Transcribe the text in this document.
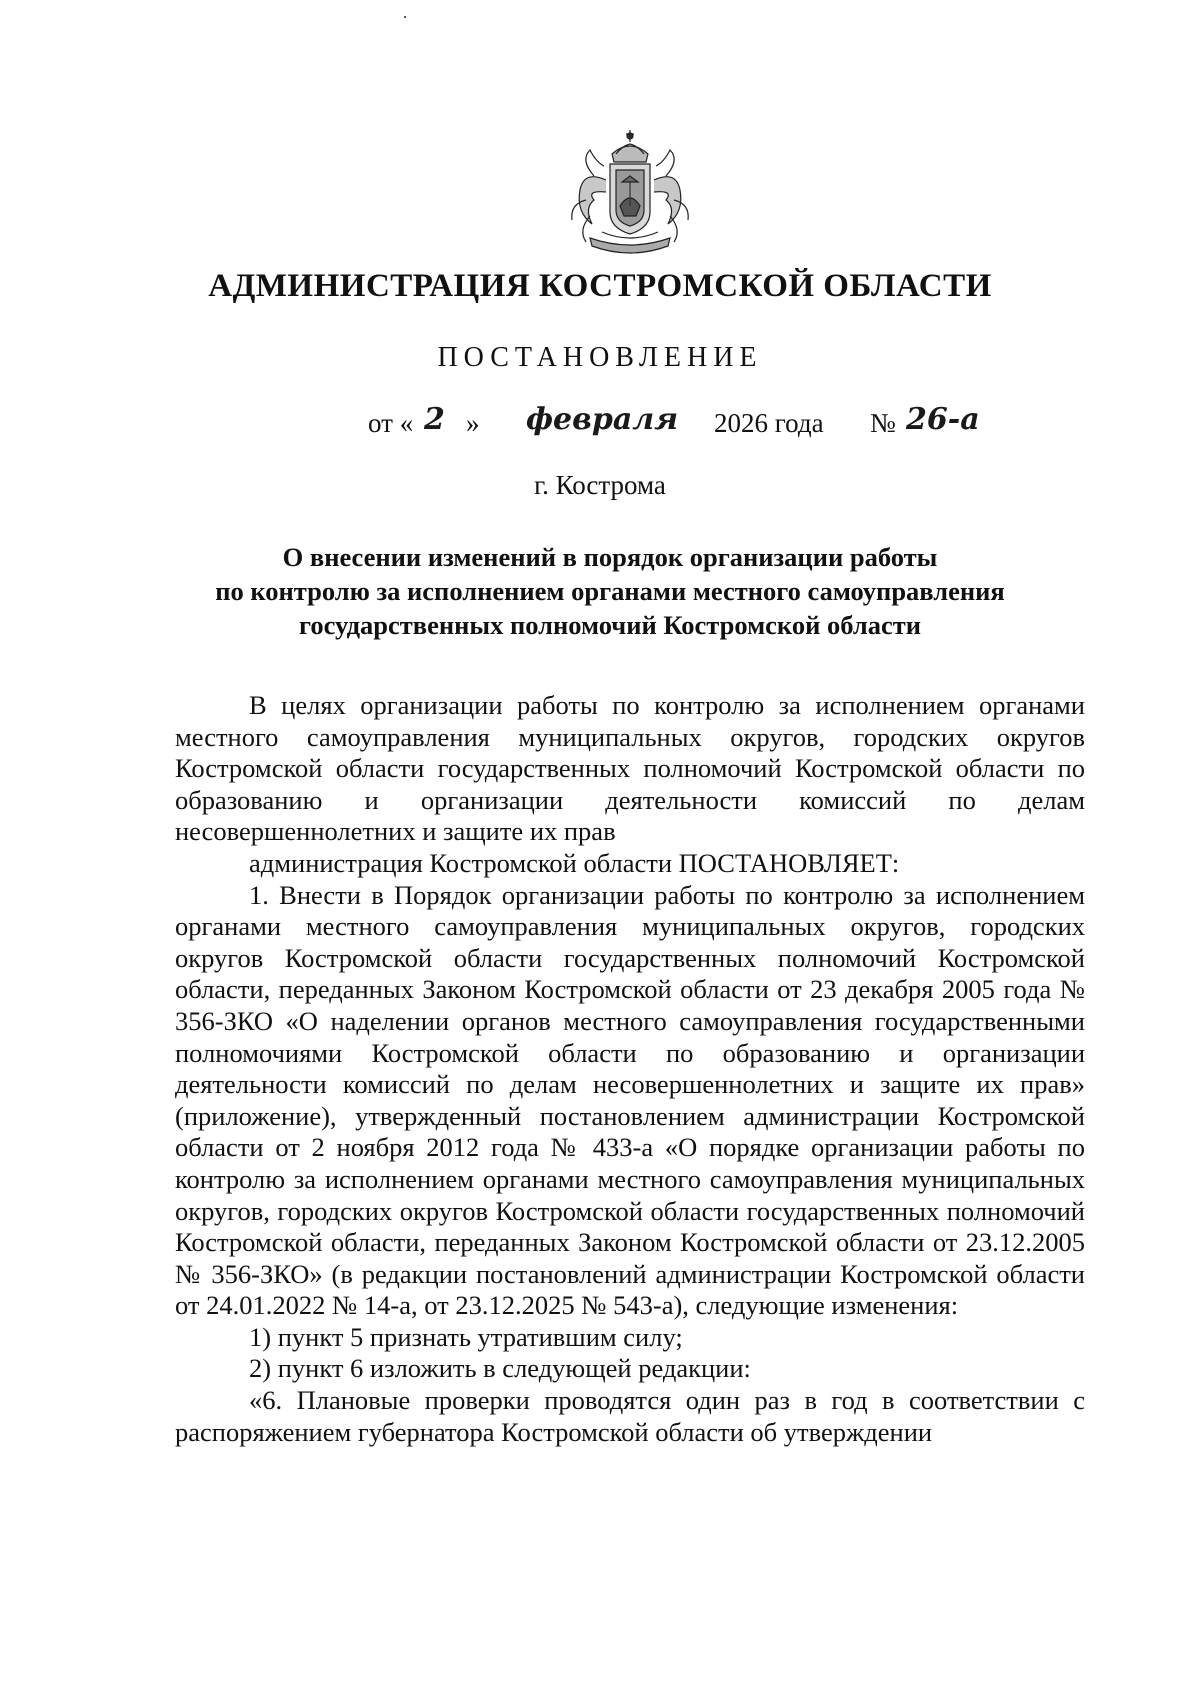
АДМИНИСТРАЦИЯ КОСТРОМСКОЙ ОБЛАСТИ
ПОСТАНОВЛЕНИЕ
от « 2 » февраля 2026 года № 26-а
г. Кострома
О внесении изменений в порядок организации работы
по контролю за исполнением органами местного самоуправления
государственных полномочий Костромской области

В целях организации работы по контролю за исполнением органами местного самоуправления муниципальных округов, городских округов Костромской области государственных полномочий Костромской области по образованию и организации деятельности комиссий по делам несовершеннолетних и защите их прав

администрация Костромской области ПОСТАНОВЛЯЕТ:

1. Внести в Порядок организации работы по контролю за исполнением органами местного самоуправления муниципальных округов, городских округов Костромской области государственных полномочий Костромской области, переданных Законом Костромской области от 23 декабря 2005 года № 356-ЗКО «О наделении органов местного самоуправления государственными полномочиями Костромской области по образованию и организации деятельности комиссий по делам несовершеннолетних и защите их прав» (приложение), утвержденный постановлением администрации Костромской области от 2 ноября 2012 года № 433-а «О порядке организации работы по контролю за исполнением органами местного самоуправления муниципальных округов, городских округов Костромской области государственных полномочий Костромской области, переданных Законом Костромской области от 23.12.2005 № 356-ЗКО» (в редакции постановлений администрации Костромской области от 24.01.2022 № 14-а, от 23.12.2025 № 543-а), следующие изменения:

1) пункт 5 признать утратившим силу;

2) пункт 6 изложить в следующей редакции:

«6. Плановые проверки проводятся один раз в год в соответствии с распоряжением губернатора Костромской области об утверждении
